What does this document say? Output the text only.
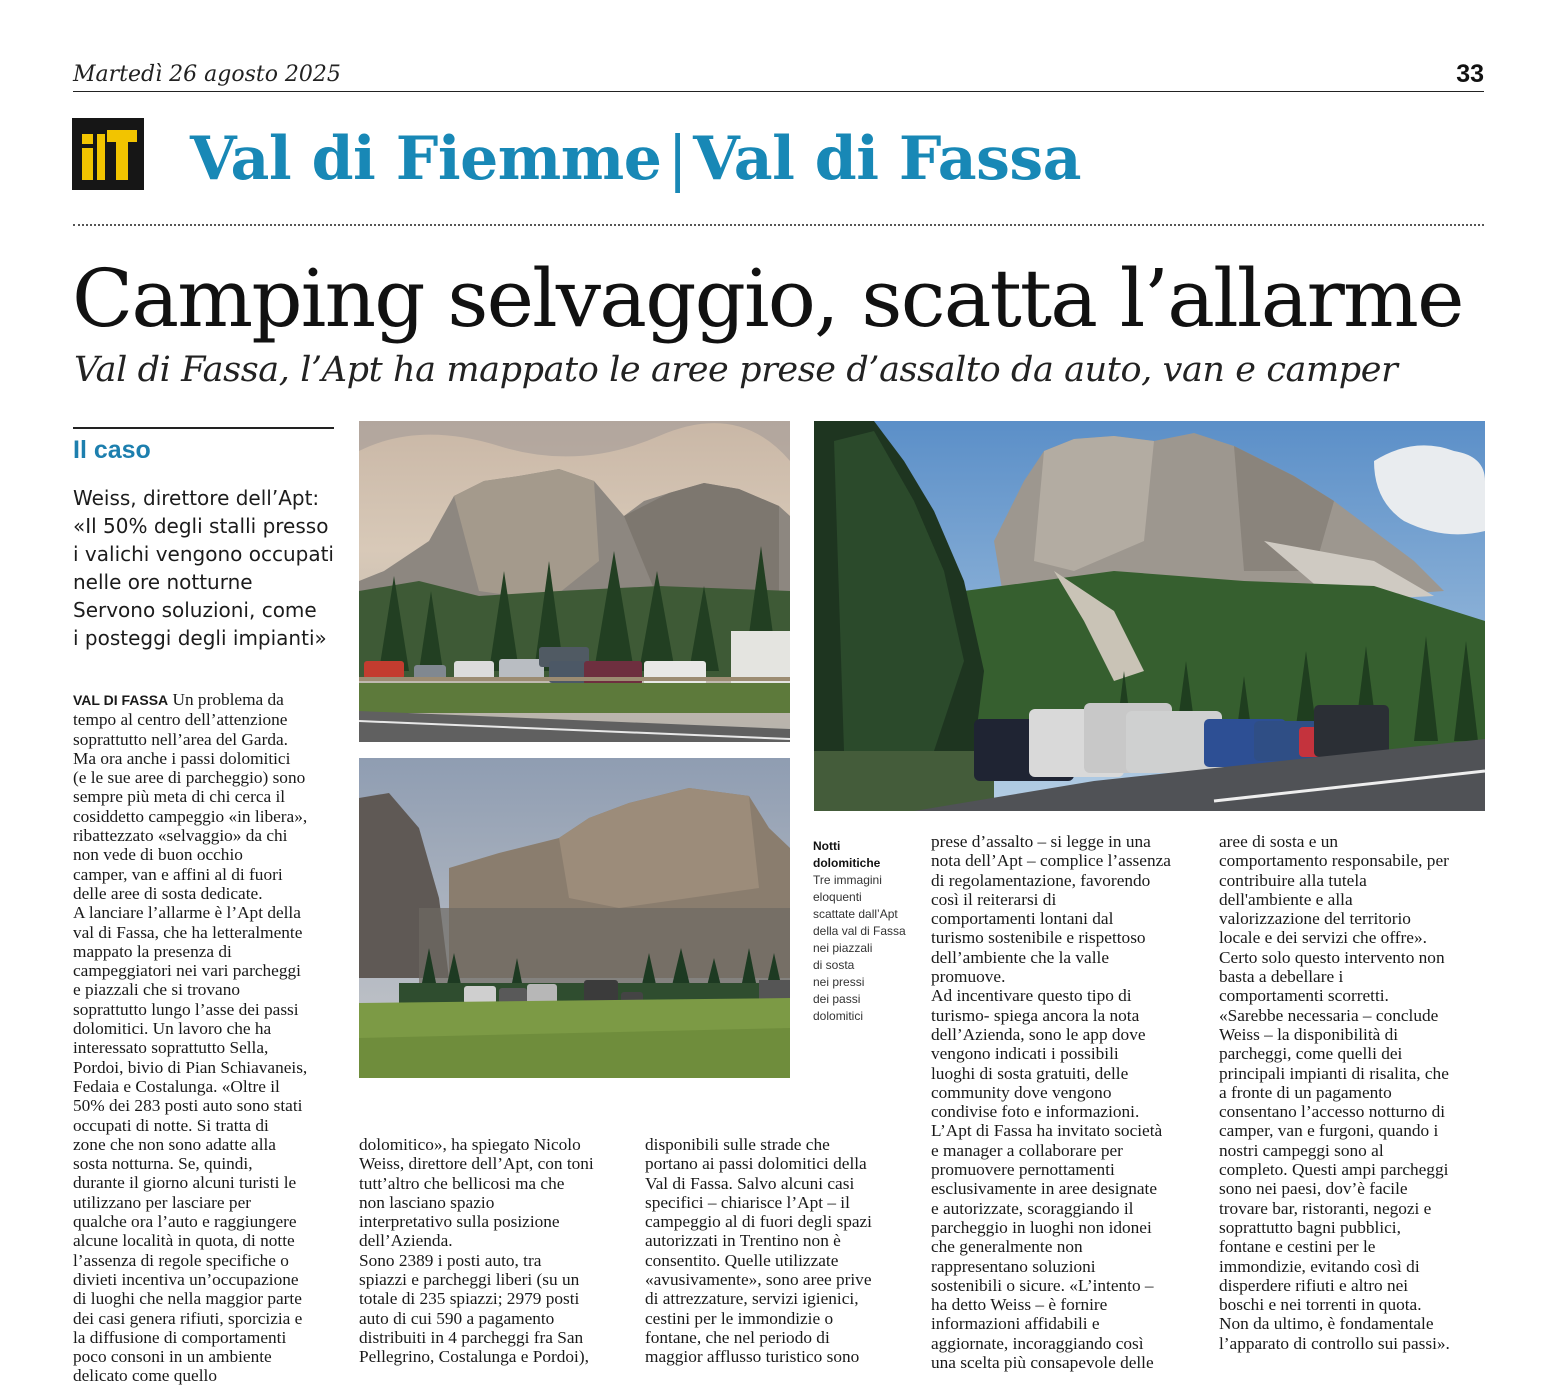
Martedì 26 agosto 2025	33
Val di Fiemme | Val di Fassa
Camping selvaggio, scatta l’allarme
Val di Fassa, l’Apt ha mappato le aree prese d’assalto da auto, van e camper
Il caso
Weiss, direttore dell’Apt:
«Il 50% degli stalli presso
i valichi vengono occupati
nelle ore notturne
Servono soluzioni, come
i posteggi degli impianti»
Notti
dolomitiche
Tre immagini
eloquenti
scattate dall’Apt
della val di Fassa
nei piazzali
di sosta
nei pressi
dei passi
dolomitici
VAL DI FASSA Un problema da
tempo al centro dell’attenzione
soprattutto nell’area del Garda.
Ma ora anche i passi dolomitici
(e le sue aree di parcheggio) sono
sempre più meta di chi cerca il
cosiddetto campeggio «in libera»,
ribattezzato «selvaggio» da chi
non vede di buon occhio
camper, van e affini al di fuori
delle aree di sosta dedicate.
A lanciare l’allarme è l’Apt della
val di Fassa, che ha letteralmente
mappato la presenza di
campeggiatori nei vari parcheggi
e piazzali che si trovano
soprattutto lungo l’asse dei passi
dolomitici. Un lavoro che ha
interessato soprattutto Sella,
Pordoi, bivio di Pian Schiavaneis,
Fedaia e Costalunga. «Oltre il
50% dei 283 posti auto sono stati
occupati di notte. Si tratta di
zone che non sono adatte alla
sosta notturna. Se, quindi,
durante il giorno alcuni turisti le
utilizzano per lasciare per
qualche ora l’auto e raggiungere
alcune località in quota, di notte
l’assenza di regole specifiche o
divieti incentiva un’occupazione
di luoghi che nella maggior parte
dei casi genera rifiuti, sporcizia e
la diffusione di comportamenti
poco consoni in un ambiente
delicato come quello
dolomitico», ha spiegato Nicolo
Weiss, direttore dell’Apt, con toni
tutt’altro che bellicosi ma che
non lasciano spazio
interpretativo sulla posizione
dell’Azienda.
Sono 2389 i posti auto, tra
spiazzi e parcheggi liberi (su un
totale di 235 spiazzi; 2979 posti
auto di cui 590 a pagamento
distribuiti in 4 parcheggi fra San
Pellegrino, Costalunga e Pordoi),
disponibili sulle strade che
portano ai passi dolomitici della
Val di Fassa. Salvo alcuni casi
specifici – chiarisce l’Apt – il
campeggio al di fuori degli spazi
autorizzati in Trentino non è
consentito. Quelle utilizzate
«avusivamente», sono aree prive
di attrezzature, servizi igienici,
cestini per le immondizie o
fontane, che nel periodo di
maggior afflusso turistico sono
prese d’assalto – si legge in una
nota dell’Apt – complice l’assenza
di regolamentazione, favorendo
così il reiterarsi di
comportamenti lontani dal
turismo sostenibile e rispettoso
dell’ambiente che la valle
promuove.
Ad incentivare questo tipo di
turismo- spiega ancora la nota
dell’Azienda, sono le app dove
vengono indicati i possibili
luoghi di sosta gratuiti, delle
community dove vengono
condivise foto e informazioni.
L’Apt di Fassa ha invitato società
e manager a collaborare per
promuovere pernottamenti
esclusivamente in aree designate
e autorizzate, scoraggiando il
parcheggio in luoghi non idonei
che generalmente non
rappresentano soluzioni
sostenibili o sicure. «L’intento –
ha detto Weiss – è fornire
informazioni affidabili e
aggiornate, incoraggiando così
una scelta più consapevole delle
aree di sosta e un
comportamento responsabile, per
contribuire alla tutela
dell'ambiente e alla
valorizzazione del territorio
locale e dei servizi che offre».
Certo solo questo intervento non
basta a debellare i
comportamenti scorretti.
«Sarebbe necessaria – conclude
Weiss – la disponibilità di
parcheggi, come quelli dei
principali impianti di risalita, che
a fronte di un pagamento
consentano l’accesso notturno di
camper, van e furgoni, quando i
nostri campeggi sono al
completo. Questi ampi parcheggi
sono nei paesi, dov’è facile
trovare bar, ristoranti, negozi e
soprattutto bagni pubblici,
fontane e cestini per le
immondizie, evitando così di
disperdere rifiuti e altro nei
boschi e nei torrenti in quota.
Non da ultimo, è fondamentale
l’apparato di controllo sui passi».
